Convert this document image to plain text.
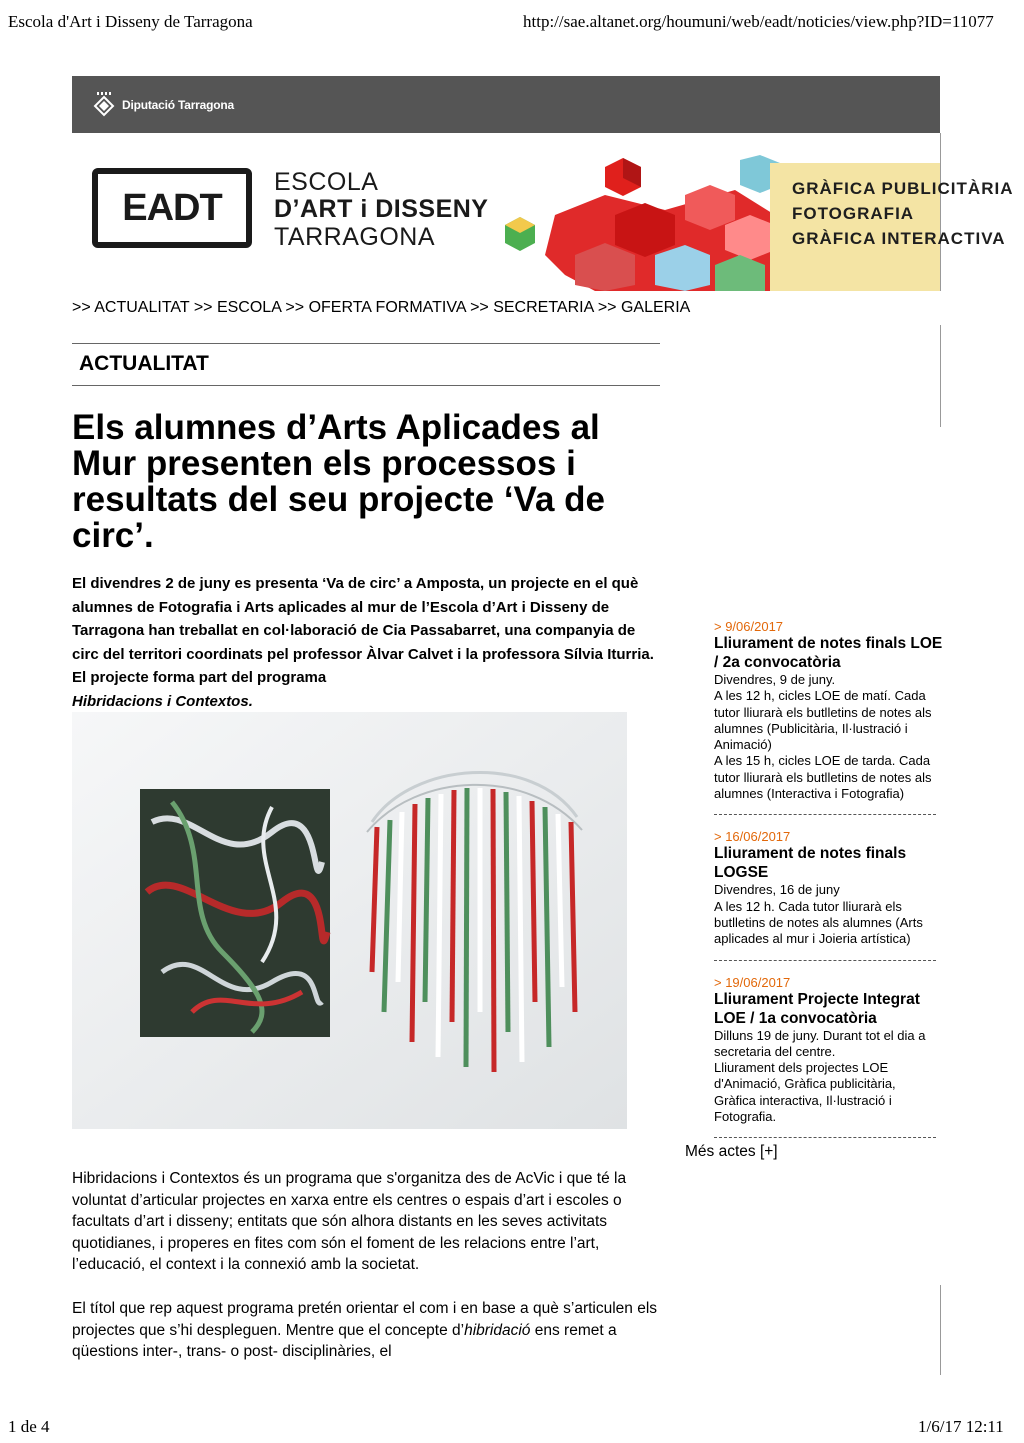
Escola d'Art i Disseny de Tarragona	http://sae.altanet.org/houmuni/web/eadt/noticies/view.php?ID=11077
1 de 4	1/6/17 12:11
Diputació Tarragona
EADT
ESCOLA
D’ART i DISSENY
TARRAGONA
GRÀFICA PUBLICITÀRIA
FOTOGRAFIA
GRÀFICA INTERACTIVA
>> ACTUALITAT >> ESCOLA >> OFERTA FORMATIVA >> SECRETARIA >> GALERIA
ACTUALITAT
Els alumnes d’Arts Aplicades al Mur presenten els processos i resultats del seu projecte ‘Va de circ’.
El divendres 2 de juny es presenta ‘Va de circ’ a Amposta, un projecte en el què alumnes de Fotografia i Arts aplicades al mur de l’Escola d’Art i Disseny de Tarragona han treballat en col·laboració de Cia Passabarret, una companyia de circ del territori coordinats pel professor Àlvar Calvet i la professora Sílvia Iturria. El projecte forma part del programa
Hibridacions i Contextos.

Hibridacions i Contextos és un programa que s'organitza des de AcVic i que té la voluntat d’articular projectes en xarxa entre els centres o espais d’art i escoles o facultats d’art i disseny; entitats que són alhora distants en les seves activitats quotidianes, i properes en fites com són el foment de les relacions entre l’art, l’educació, el context i la connexió amb la societat.

El títol que rep aquest programa pretén orientar el com i en base a què s’articulen els projectes que s’hi despleguen. Mentre que el concepte d’hibridació ens remet a qüestions inter-, trans- o post- disciplinàries, el

> 9/06/2017
Lliurament de notes finals LOE
/ 2a convocatòria
Divendres, 9 de juny.
A les 12 h, cicles LOE de matí. Cada
tutor lliurarà els butlletins de notes als
alumnes (Publicitària, Il·lustració i
Animació)
A les 15 h, cicles LOE de tarda. Cada
tutor lliurarà els butlletins de notes als
alumnes (Interactiva i Fotografia)
> 16/06/2017
Lliurament de notes finals
LOGSE
Divendres, 16 de juny
A les 12 h. Cada tutor lliurarà els
butlletins de notes als alumnes (Arts
aplicades al mur i Joieria artística)
> 19/06/2017
Lliurament Projecte Integrat
LOE / 1a convocatòria
Dilluns 19 de juny. Durant tot el dia a
secretaria del centre.
Lliurament dels projectes LOE
d'Animació, Gràfica publicitària,
Gràfica interactiva, Il·lustració i
Fotografia.
Més actes [+]
